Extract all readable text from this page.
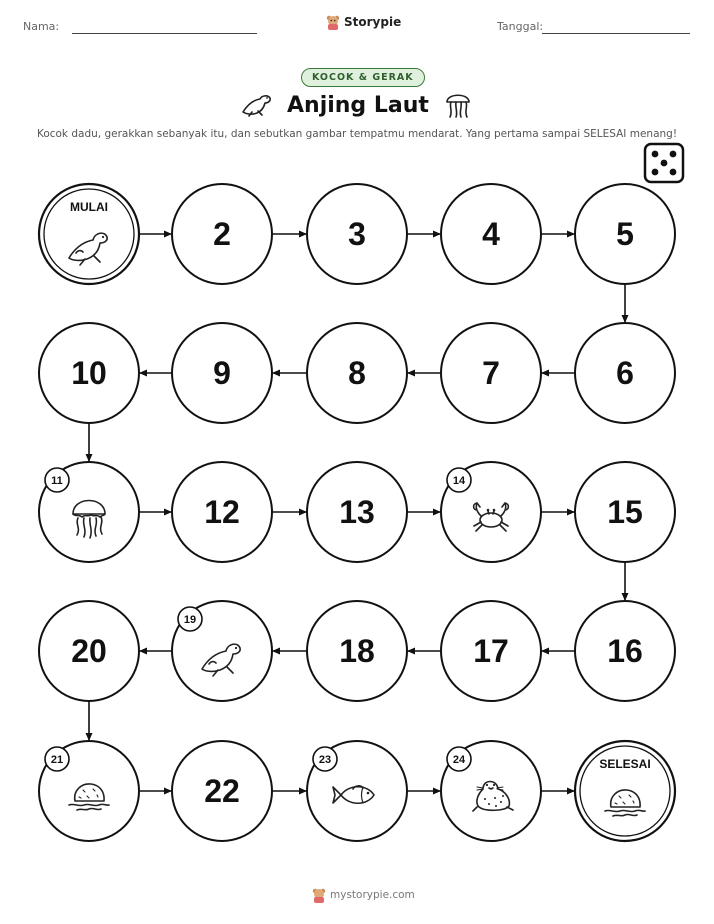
Nama:	Storypie	Tanggal:
KOCOK & GERAK
Anjing Laut
Kocok dadu, gerakkan sebanyak itu, dan sebutkan gambar tempatmu mendarat. Yang pertama sampai SELESAI menang!
MULAI
2	3	4	5
6
7
8
9
10
11
12	13
14
15
16
17
18
19
20
21
22
23	24	SELESAI
mystorypie.com
